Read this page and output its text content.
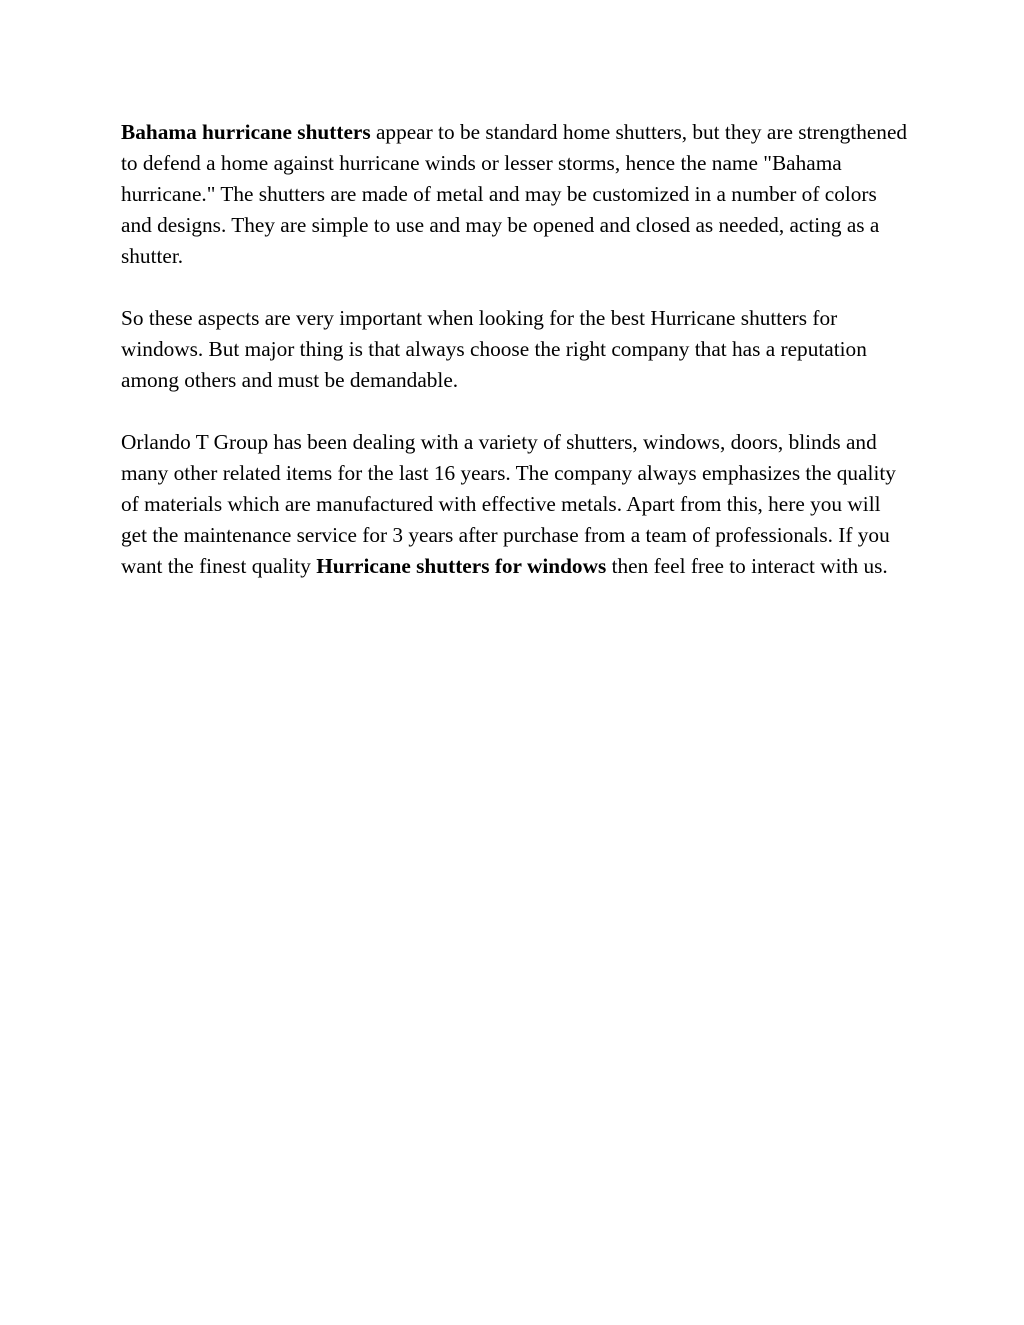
Bahama hurricane shutters appear to be standard home shutters, but they are strengthened to defend a home against hurricane winds or lesser storms, hence the name "Bahama hurricane." The shutters are made of metal and may be customized in a number of colors and designs. They are simple to use and may be opened and closed as needed, acting as a shutter.

So these aspects are very important when looking for the best Hurricane shutters for windows. But major thing is that always choose the right company that has a reputation among others and must be demandable.

Orlando T Group has been dealing with a variety of shutters, windows, doors, blinds and many other related items for the last 16 years. The company always emphasizes the quality of materials which are manufactured with effective metals. Apart from this, here you will get the maintenance service for 3 years after purchase from a team of professionals. If you want the finest quality Hurricane shutters for windows then feel free to interact with us.
